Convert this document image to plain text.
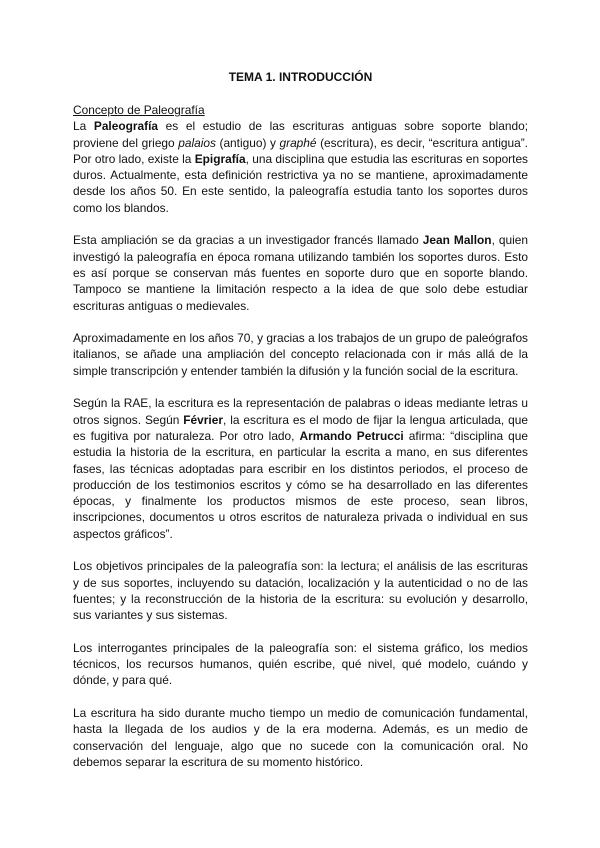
TEMA 1. INTRODUCCIÓN
Concepto de Paleografía

La Paleografía es el estudio de las escrituras antiguas sobre soporte blando; proviene del griego palaios (antiguo) y graphé (escritura), es decir, “escritura antigua”. Por otro lado, existe la Epigrafía, una disciplina que estudia las escrituras en soportes duros. Actualmente, esta definición restrictiva ya no se mantiene, aproximadamente desde los años 50. En este sentido, la paleografía estudia tanto los soportes duros como los blandos.

Esta ampliación se da gracias a un investigador francés llamado Jean Mallon, quien investigó la paleografía en época romana utilizando también los soportes duros. Esto es así porque se conservan más fuentes en soporte duro que en soporte blando. Tampoco se mantiene la limitación respecto a la idea de que solo debe estudiar escrituras antiguas o medievales.

Aproximadamente en los años 70, y gracias a los trabajos de un grupo de paleógrafos italianos, se añade una ampliación del concepto relacionada con ir más allá de la simple transcripción y entender también la difusión y la función social de la escritura.

Según la RAE, la escritura es la representación de palabras o ideas mediante letras u otros signos. Según Février, la escritura es el modo de fijar la lengua articulada, que es fugitiva por naturaleza. Por otro lado, Armando Petrucci afirma: “disciplina que estudia la historia de la escritura, en particular la escrita a mano, en sus diferentes fases, las técnicas adoptadas para escribir en los distintos periodos, el proceso de producción de los testimonios escritos y cómo se ha desarrollado en las diferentes épocas, y finalmente los productos mismos de este proceso, sean libros, inscripciones, documentos u otros escritos de naturaleza privada o individual en sus aspectos gráficos”.

Los objetivos principales de la paleografía son: la lectura; el análisis de las escrituras y de sus soportes, incluyendo su datación, localización y la autenticidad o no de las fuentes; y la reconstrucción de la historia de la escritura: su evolución y desarrollo, sus variantes y sus sistemas.

Los interrogantes principales de la paleografía son: el sistema gráfico, los medios técnicos, los recursos humanos, quién escribe, qué nivel, qué modelo, cuándo y dónde, y para qué.

La escritura ha sido durante mucho tiempo un medio de comunicación fundamental, hasta la llegada de los audios y de la era moderna. Además, es un medio de conservación del lenguaje, algo que no sucede con la comunicación oral. No debemos separar la escritura de su momento histórico.
